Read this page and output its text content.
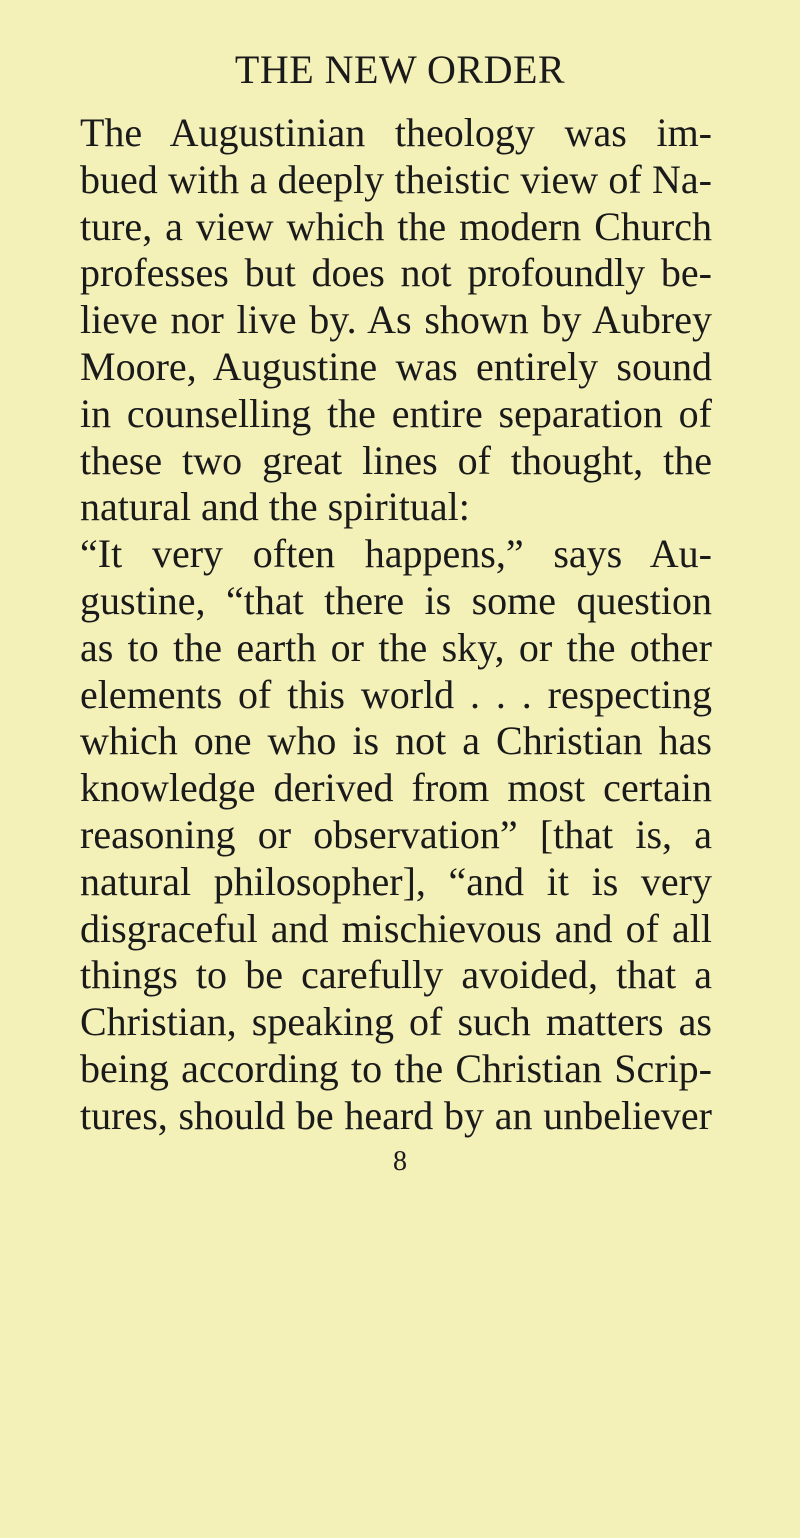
THE NEW ORDER
The Augustinian theology was im-
bued with a deeply theistic view of Na-
ture, a view which the modern Church
professes but does not profoundly be-
lieve nor live by. As shown by Aubrey
Moore, Augustine was entirely sound
in counselling the entire separation of
these two great lines of thought, the
natural and the spiritual:
“It very often happens,” says Au-
gustine, “that there is some question
as to the earth or the sky, or the other
elements of this world . . . respecting
which one who is not a Christian has
knowledge derived from most certain
reasoning or observation” [that is, a
natural philosopher], “and it is very
disgraceful and mischievous and of all
things to be carefully avoided, that a
Christian, speaking of such matters as
being according to the Christian Scrip-
tures, should be heard by an unbeliever
8
